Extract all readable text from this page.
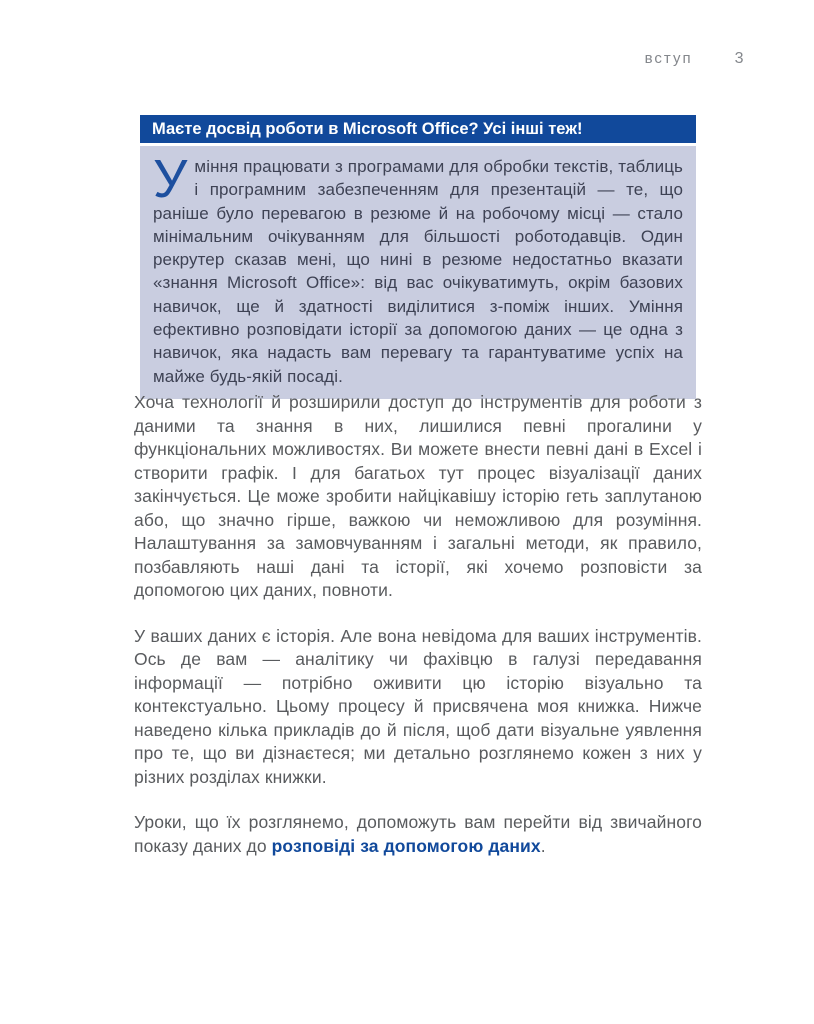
вступ	3
Маєте досвід роботи в Microsoft Office? Усі інші теж!
Уміння працювати з програмами для обробки текстів, таблиць і програмним забезпеченням для презентацій — те, що раніше було перевагою в резюме й на робочому місці — стало мінімальним очікуванням для більшості роботодавців. Один рекрутер сказав мені, що нині в резюме недостатньо вказати «знання Microsoft Office»: від вас очікуватимуть, окрім базових навичок, ще й здатності виділитися з-поміж інших. Уміння ефективно розповідати історії за допомогою даних — це одна з навичок, яка надасть вам перевагу та гарантуватиме успіх на майже будь-якій посаді.

Хоча технології й розширили доступ до інструментів для роботи з даними та знання в них, лишилися певні прогалини у функціональних можливостях. Ви можете внести певні дані в Excel і створити графік. І для багатьох тут процес візуалізації даних закінчується. Це може зробити найцікавішу історію геть заплутаною або, що значно гірше, важкою чи неможливою для розуміння. Налаштування за замовчуванням і загальні методи, як правило, позбавляють наші дані та історії, які хочемо розповісти за допомогою цих даних, повноти.

У ваших даних є історія. Але вона невідома для ваших інструментів. Ось де вам — аналітику чи фахівцю в галузі передавання інформації — потрібно оживити цю історію візуально та контекстуально. Цьому процесу й присвячена моя книжка. Нижче наведено кілька прикладів до й після, щоб дати візуальне уявлення про те, що ви дізнаєтеся; ми детально розглянемо кожен з них у різних розділах книжки.

Уроки, що їх розглянемо, допоможуть вам перейти від звичайного показу даних до розповіді за допомогою даних.
